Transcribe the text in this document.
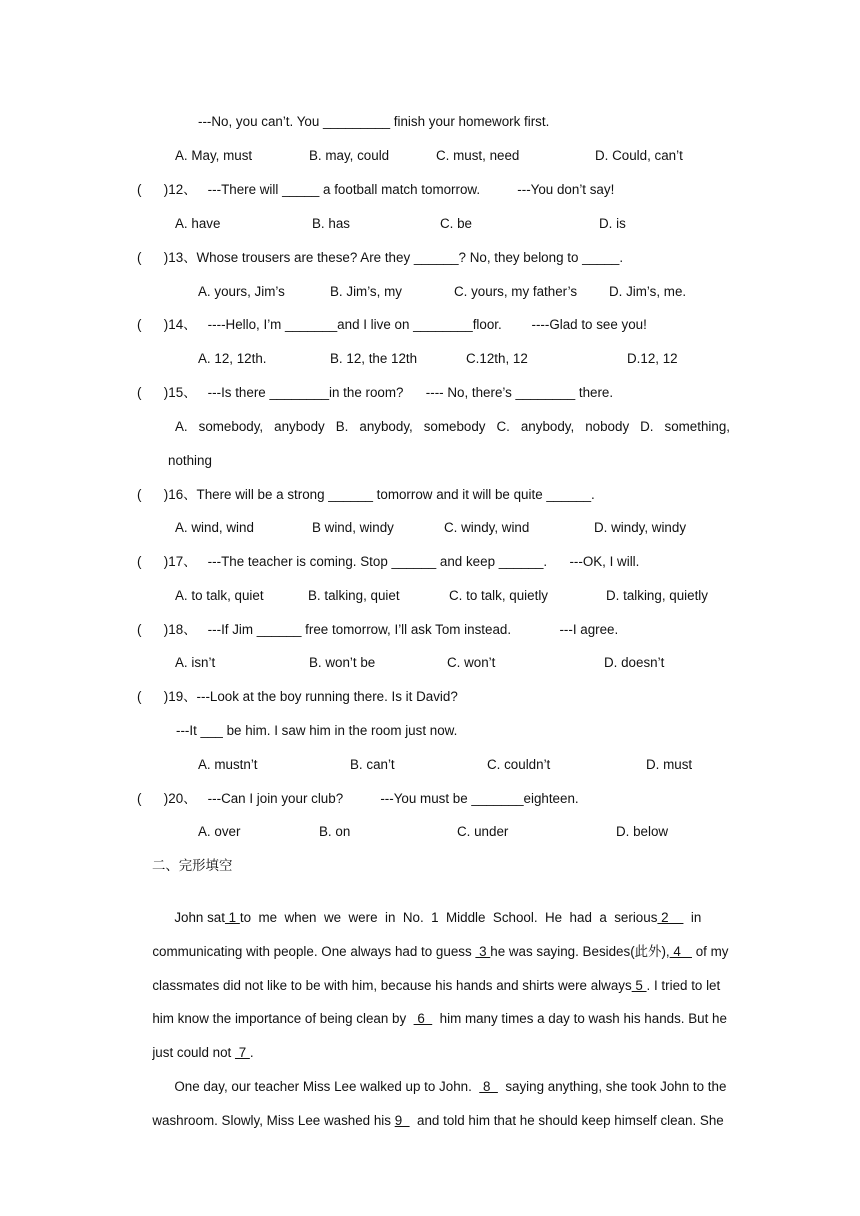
---No, you can’t. You _________ finish your homework first.
A. May, must	B. may, could	C. must, need	D. Could, can’t
(      )12、   ---There will _____ a football match tomorrow.          ---You don’t say!
A. have	B. has	C. be	D. is
(      )13、Whose trousers are these? Are they ______? No, they belong to _____.
A. yours, Jim’s	B. Jim’s, my	C. yours, my father’s D. Jim’s, me.
(      )14、   ----Hello, I’m _______and I live on ________floor.        ----Glad to see you!
A. 12, 12th.	B. 12, the 12th	C.12th, 12	D.12, 12
(      )15、   ---Is there ________in the room?      ---- No, there’s ________ there.
A. somebody, anybody B. anybody, somebody C. anybody, nobody D. something,
nothing
(      )16、There will be a strong ______ tomorrow and it will be quite ______.
A. wind, wind	B wind, windy	C. windy, wind	D. windy, windy
(      )17、   ---The teacher is coming. Stop ______ and keep ______.      ---OK, I will.
A. to talk, quiet	B. talking, quiet	C. to talk, quietly	D. talking, quietly
(      )18、   ---If Jim ______ free tomorrow, I’ll ask Tom instead.             ---I agree.
A. isn’t	B. won’t be	C. won’t	D. doesn’t
(      )19、---Look at the boy running there. Is it David?
---It ___ be him. I saw him in the room just now.
A. mustn’t	B. can’t	C. couldn’t	D. must
(      )20、   ---Can I join your club?          ---You must be _______eighteen.
A. over	B. on	C. under	D. below
二、完形填空

John sat 1 to  me  when  we  were  in  No.  1  Middle  School.  He  had  a  serious 2      in

communicating with people. One always had to guess  3 he was saying. Besides(此外), 4    of my

classmates did not like to be with him, because his hands and shirts were always 5 . I tried to let

him know the importance of being clean by   6    him many times a day to wash his hands. But he

just could not  7 .

One day, our teacher Miss Lee walked up to John.   8    saying anything, she took John to the

washroom. Slowly, Miss Lee washed his 9    and told him that he should keep himself clean. She
